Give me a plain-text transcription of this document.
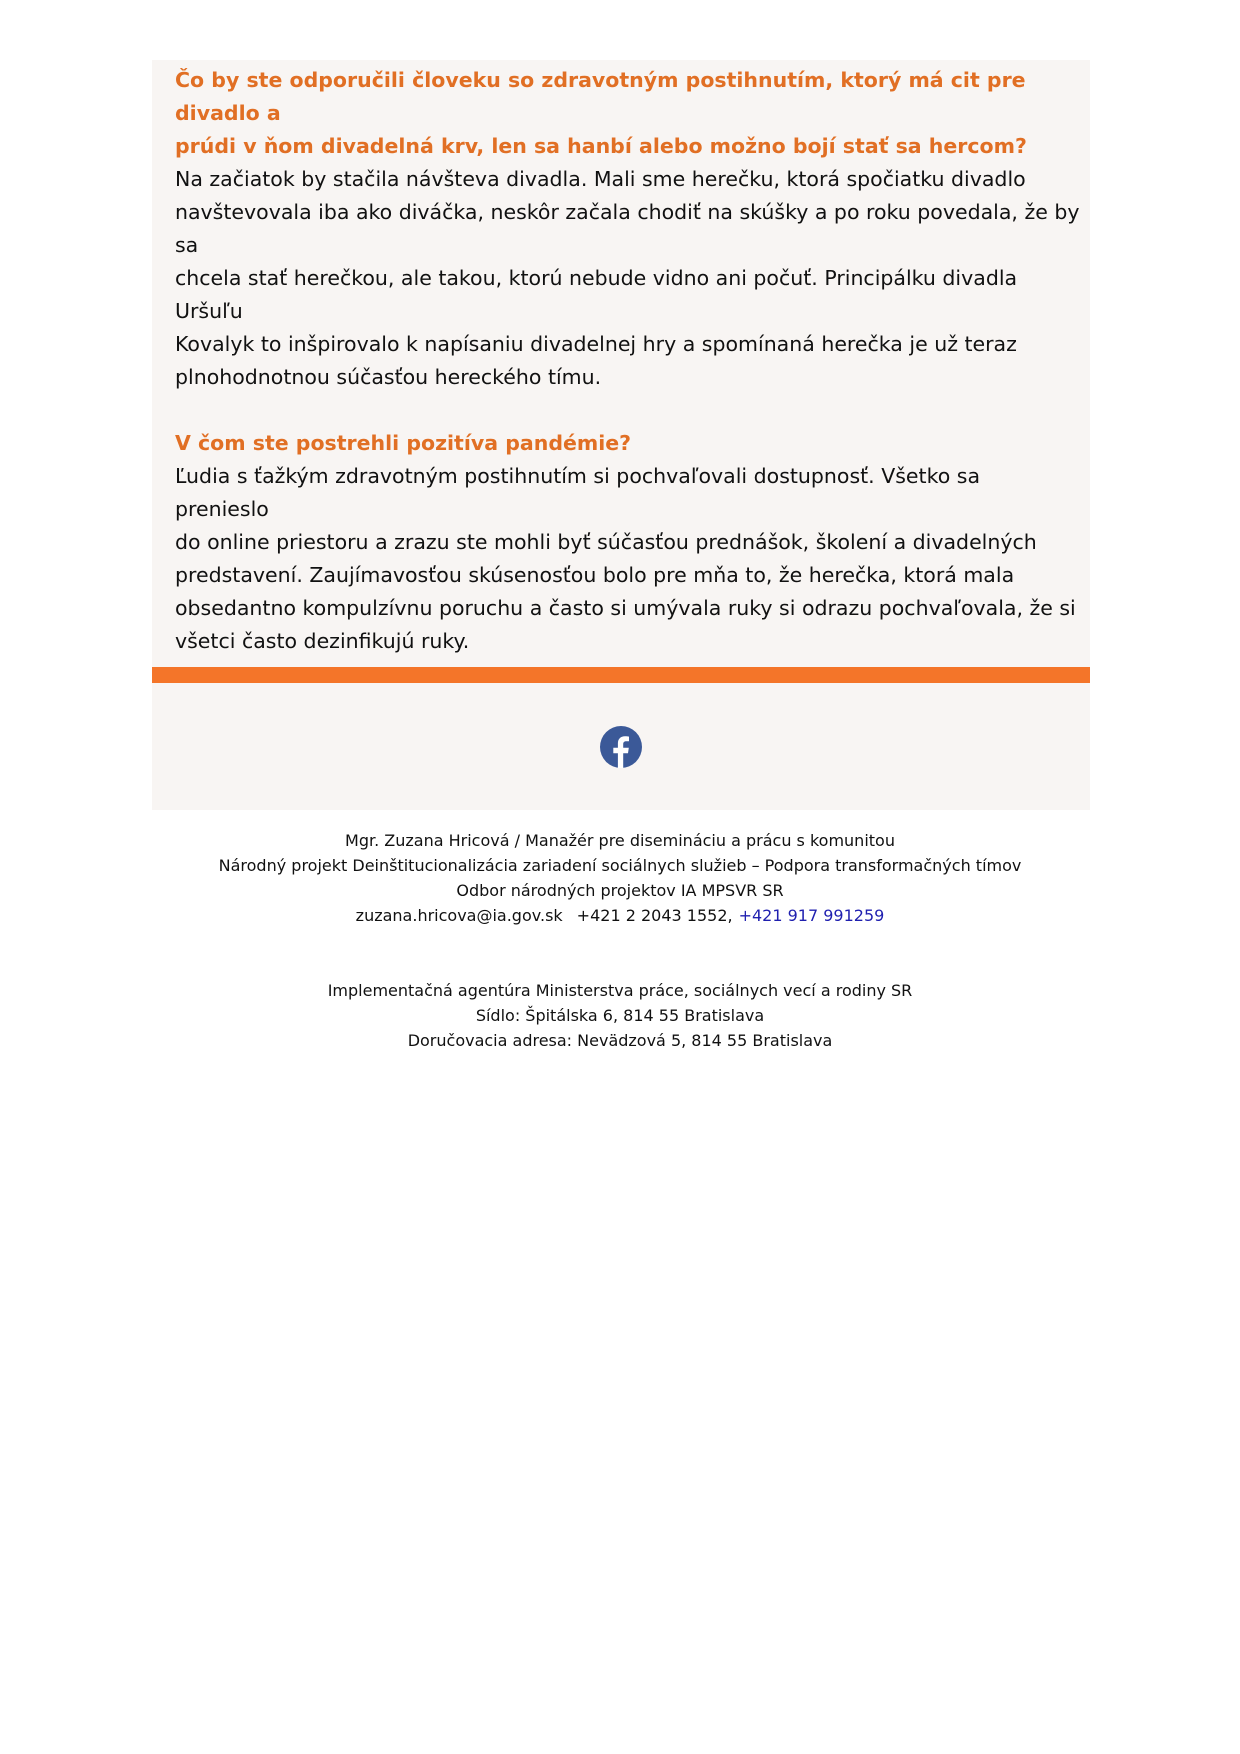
Čo by ste odporučili človeku so zdravotným postihnutím, ktorý má cit pre divadlo a
prúdi v ňom divadelná krv, len sa hanbí alebo možno bojí stať sa hercom?

Na začiatok by stačila návšteva divadla. Mali sme herečku, ktorá spočiatku divadlo
navštevovala iba ako diváčka, neskôr začala chodiť na skúšky a po roku povedala, že by sa
chcela stať herečkou, ale takou, ktorú nebude vidno ani počuť. Principálku divadla Uršuľu
Kovalyk to inšpirovalo k napísaniu divadelnej hry a spomínaná herečka je už teraz
plnohodnotnou súčasťou hereckého tímu.

V čom ste postrehli pozitíva pandémie?

Ľudia s ťažkým zdravotným postihnutím si pochvaľovali dostupnosť. Všetko sa prenieslo
do online priestoru a zrazu ste mohli byť súčasťou prednášok, školení a divadelných
predstavení. Zaujímavosťou skúsenosťou bolo pre mňa to, že herečka, ktorá mala
obsedantno kompulzívnu poruchu a často si umývala ruky si odrazu pochvaľovala, že si
všetci často dezinfikujú ruky.

Mgr. Zuzana Hricová / Manažér pre disemináciu a prácu s komunitou
Národný projekt Deinštitucionalizácia zariadení sociálnych služieb – Podpora transformačných tímov
Odbor národných projektov IA MPSVR SR
zuzana.hricova@ia.gov.sk +421 2 2043 1552, +421 917 991259
Implementačná agentúra Ministerstva práce, sociálnych vecí a rodiny SR
Sídlo: Špitálska 6, 814 55 Bratislava
Doručovacia adresa: Nevädzová 5, 814 55 Bratislava
